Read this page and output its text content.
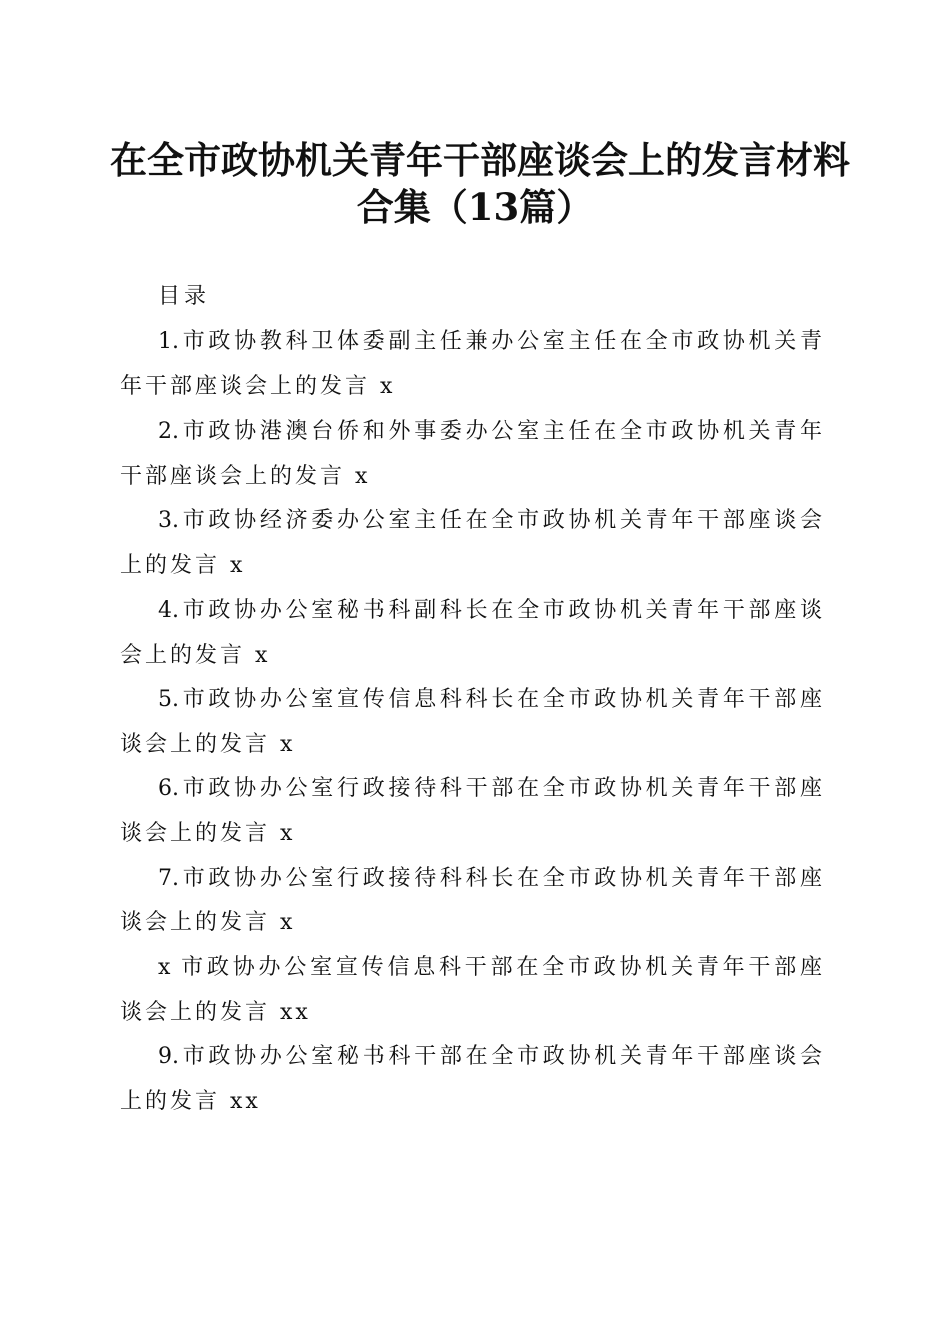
在全市政协机关青年干部座谈会上的发言材料
合集（13篇）

目录

1.市政协教科卫体委副主任兼办公室主任在全市政协机关青

年干部座谈会上的发言 x

2.市政协港澳台侨和外事委办公室主任在全市政协机关青年

干部座谈会上的发言 x

3.市政协经济委办公室主任在全市政协机关青年干部座谈会

上的发言 x

4.市政协办公室秘书科副科长在全市政协机关青年干部座谈

会上的发言 x

5.市政协办公室宣传信息科科长在全市政协机关青年干部座

谈会上的发言 x

6.市政协办公室行政接待科干部在全市政协机关青年干部座

谈会上的发言 x

7.市政协办公室行政接待科科长在全市政协机关青年干部座

谈会上的发言 x

x 市政协办公室宣传信息科干部在全市政协机关青年干部座

谈会上的发言 xx

9.市政协办公室秘书科干部在全市政协机关青年干部座谈会

上的发言 xx
